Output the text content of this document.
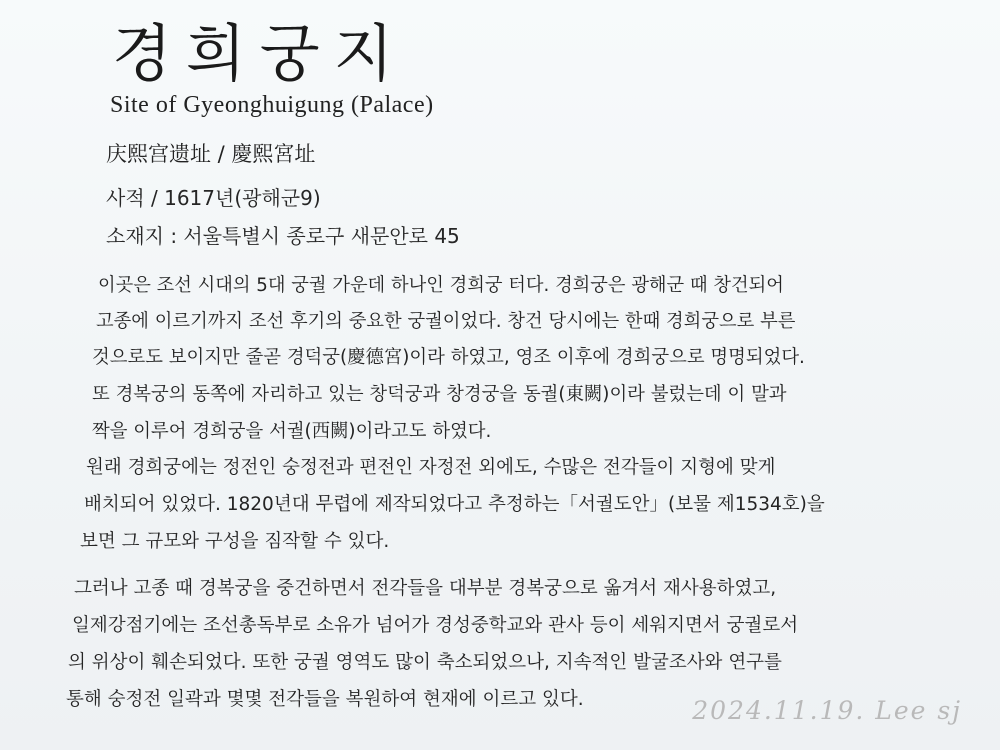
경희궁지
Site of Gyeonghuigung (Palace)
庆熙宫遗址 / 慶熙宮址
사적 / 1617년(광해군9)
소재지 : 서울특별시 종로구 새문안로 45
이곳은 조선 시대의 5대 궁궐 가운데 하나인 경희궁 터다. 경희궁은 광해군 때 창건되어
고종에 이르기까지 조선 후기의 중요한 궁궐이었다. 창건 당시에는 한때 경희궁으로 부른
것으로도 보이지만 줄곧 경덕궁(慶德宮)이라 하였고, 영조 이후에 경희궁으로 명명되었다.
또 경복궁의 동쪽에 자리하고 있는 창덕궁과 창경궁을 동궐(東闕)이라 불렀는데 이 말과
짝을 이루어 경희궁을 서궐(西闕)이라고도 하였다.
원래 경희궁에는 정전인 숭정전과 편전인 자정전 외에도, 수많은 전각들이 지형에 맞게
배치되어 있었다. 1820년대 무렵에 제작되었다고 추정하는「서궐도안」(보물 제1534호)을
보면 그 규모와 구성을 짐작할 수 있다.
그러나 고종 때 경복궁을 중건하면서 전각들을 대부분 경복궁으로 옮겨서 재사용하였고,
일제강점기에는 조선총독부로 소유가 넘어가 경성중학교와 관사 등이 세워지면서 궁궐로서
의 위상이 훼손되었다. 또한 궁궐 영역도 많이 축소되었으나, 지속적인 발굴조사와 연구를
통해 숭정전 일곽과 몇몇 전각들을 복원하여 현재에 이르고 있다.	2024.11.19. Lee sj
